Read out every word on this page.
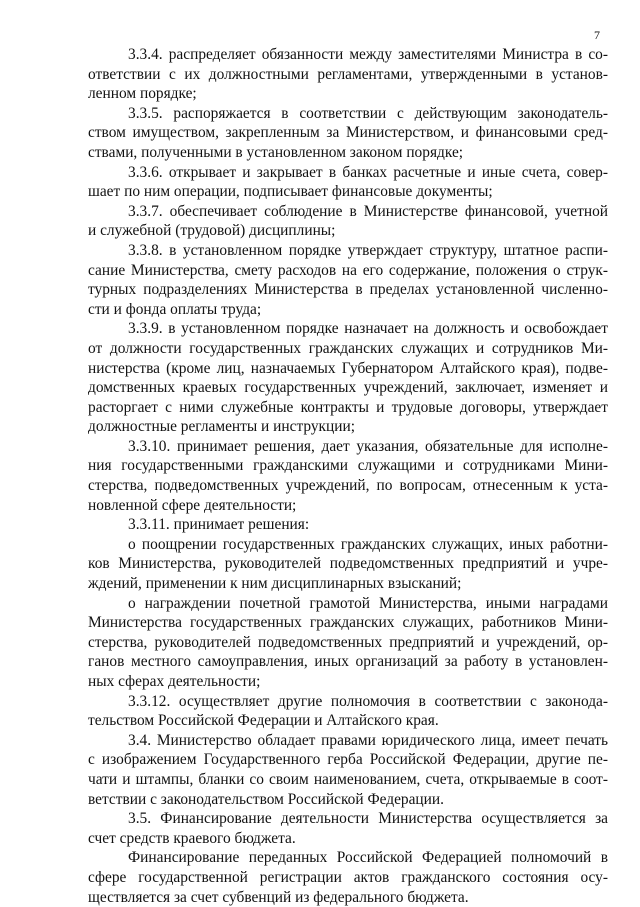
7
3.3.4. распределяет обязанности между заместителями Министра в со-
ответствии с их должностными регламентами, утвержденными в установ-
ленном порядке;
3.3.5. распоряжается в соответствии с действующим законодатель-
ством имуществом, закрепленным за Министерством, и финансовыми сред-
ствами, полученными в установленном законом порядке;
3.3.6. открывает и закрывает в банках расчетные и иные счета, совер-
шает по ним операции, подписывает финансовые документы;
3.3.7. обеспечивает соблюдение в Министерстве финансовой, учетной
и служебной (трудовой) дисциплины;
3.3.8. в установленном порядке утверждает структуру, штатное распи-
сание Министерства, смету расходов на его содержание, положения о струк-
турных подразделениях Министерства в пределах установленной численно-
сти и фонда оплаты труда;
3.3.9. в установленном порядке назначает на должность и освобождает
от должности государственных гражданских служащих и сотрудников Ми-
нистерства (кроме лиц, назначаемых Губернатором Алтайского края), подве-
домственных краевых государственных учреждений, заключает, изменяет и
расторгает с ними служебные контракты и трудовые договоры, утверждает
должностные регламенты и инструкции;
3.3.10. принимает решения, дает указания, обязательные для исполне-
ния государственными гражданскими служащими и сотрудниками Мини-
стерства, подведомственных учреждений, по вопросам, отнесенным к уста-
новленной сфере деятельности;
3.3.11. принимает решения:
о поощрении государственных гражданских служащих, иных работни-
ков Министерства, руководителей подведомственных предприятий и учре-
ждений, применении к ним дисциплинарных взысканий;
о награждении почетной грамотой Министерства, иными наградами
Министерства государственных гражданских служащих, работников Мини-
стерства, руководителей подведомственных предприятий и учреждений, ор-
ганов местного самоуправления, иных организаций за работу в установлен-
ных сферах деятельности;
3.3.12. осуществляет другие полномочия в соответствии с законода-
тельством Российской Федерации и Алтайского края.
3.4. Министерство обладает правами юридического лица, имеет печать
с изображением Государственного герба Российской Федерации, другие пе-
чати и штампы, бланки со своим наименованием, счета, открываемые в соот-
ветствии с законодательством Российской Федерации.
3.5. Финансирование деятельности Министерства осуществляется за
счет средств краевого бюджета.
Финансирование переданных Российской Федерацией полномочий в
сфере государственной регистрации актов гражданского состояния осу-
ществляется за счет субвенций из федерального бюджета.
